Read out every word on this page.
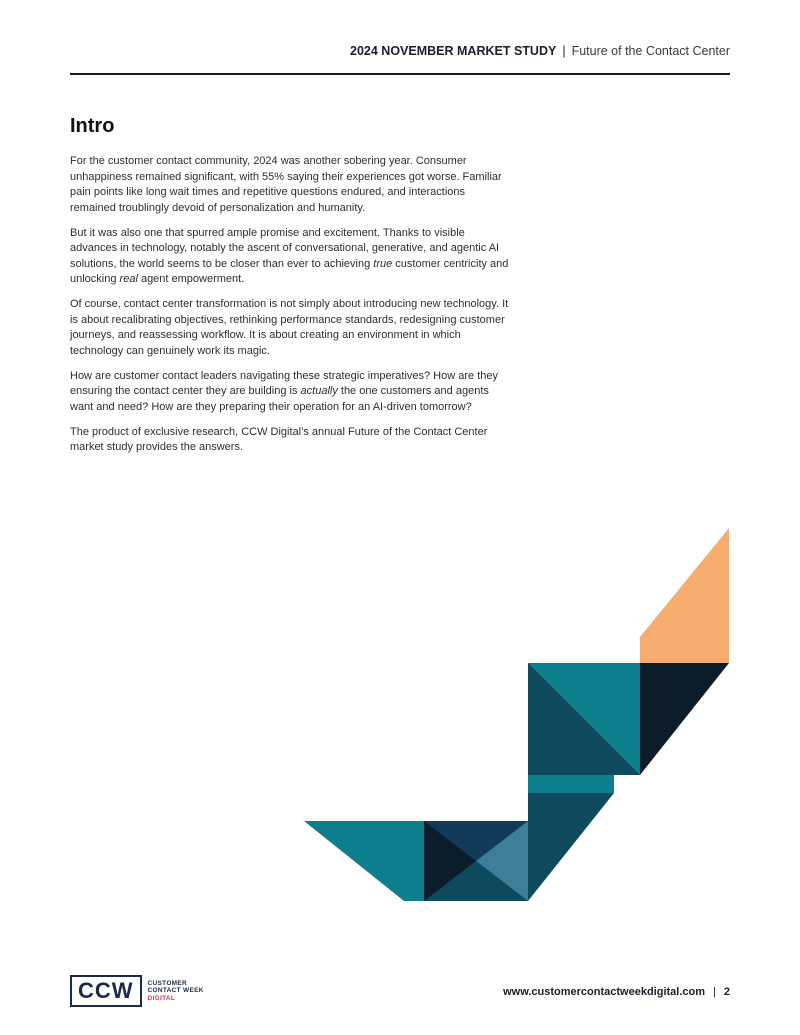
2024 NOVEMBER MARKET STUDY | Future of the Contact Center
Intro

For the customer contact community, 2024 was another sobering year. Consumer unhappiness remained significant, with 55% saying their experiences got worse. Familiar pain points like long wait times and repetitive questions endured, and interactions remained troublingly devoid of personalization and humanity.

But it was also one that spurred ample promise and excitement. Thanks to visible advances in technology, notably the ascent of conversational, generative, and agentic AI solutions, the world seems to be closer than ever to achieving true customer centricity and unlocking real agent empowerment.

Of course, contact center transformation is not simply about introducing new technology. It is about recalibrating objectives, rethinking performance standards, redesigning customer journeys, and reassessing workflow. It is about creating an environment in which technology can genuinely work its magic.

How are customer contact leaders navigating these strategic imperatives? How are they ensuring the contact center they are building is actually the one customers and agents want and need? How are they preparing their operation for an AI-driven tomorrow?

The product of exclusive research, CCW Digital’s annual Future of the Contact Center market study provides the answers.

CCW	CUSTOMER
CONTACT WEEK
DIGITAL
www.customercontactweekdigital.com | 2
